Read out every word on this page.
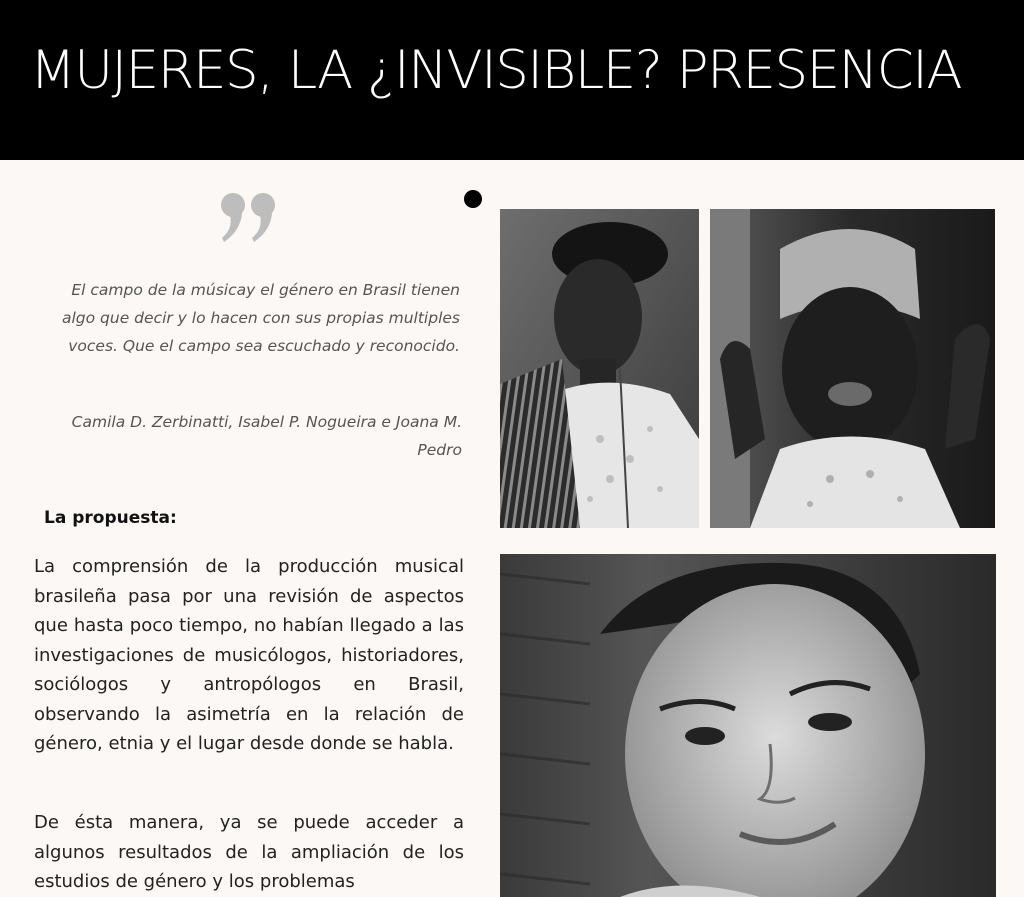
MUJERES, LA ¿INVISIBLE? PRESENCIA
El campo de la músicay el género en Brasil tienen algo que decir y lo hacen con sus propias multiples voces. Que el campo sea escuchado y reconocido.
Camila D. Zerbinatti, Isabel P. Nogueira e Joana M. Pedro
La propuesta:
La comprensión de la producción musical brasileña pasa por una revisión de aspectos que hasta poco tiempo, no habían llegado a las investigaciones de musicólogos, historiadores, sociólogos y antropólogos en Brasil, observando la asimetría en la relación de género, etnia y el lugar desde donde se habla.
De ésta manera, ya se puede acceder a algunos resultados de la ampliación de los estudios de género y los problemas
